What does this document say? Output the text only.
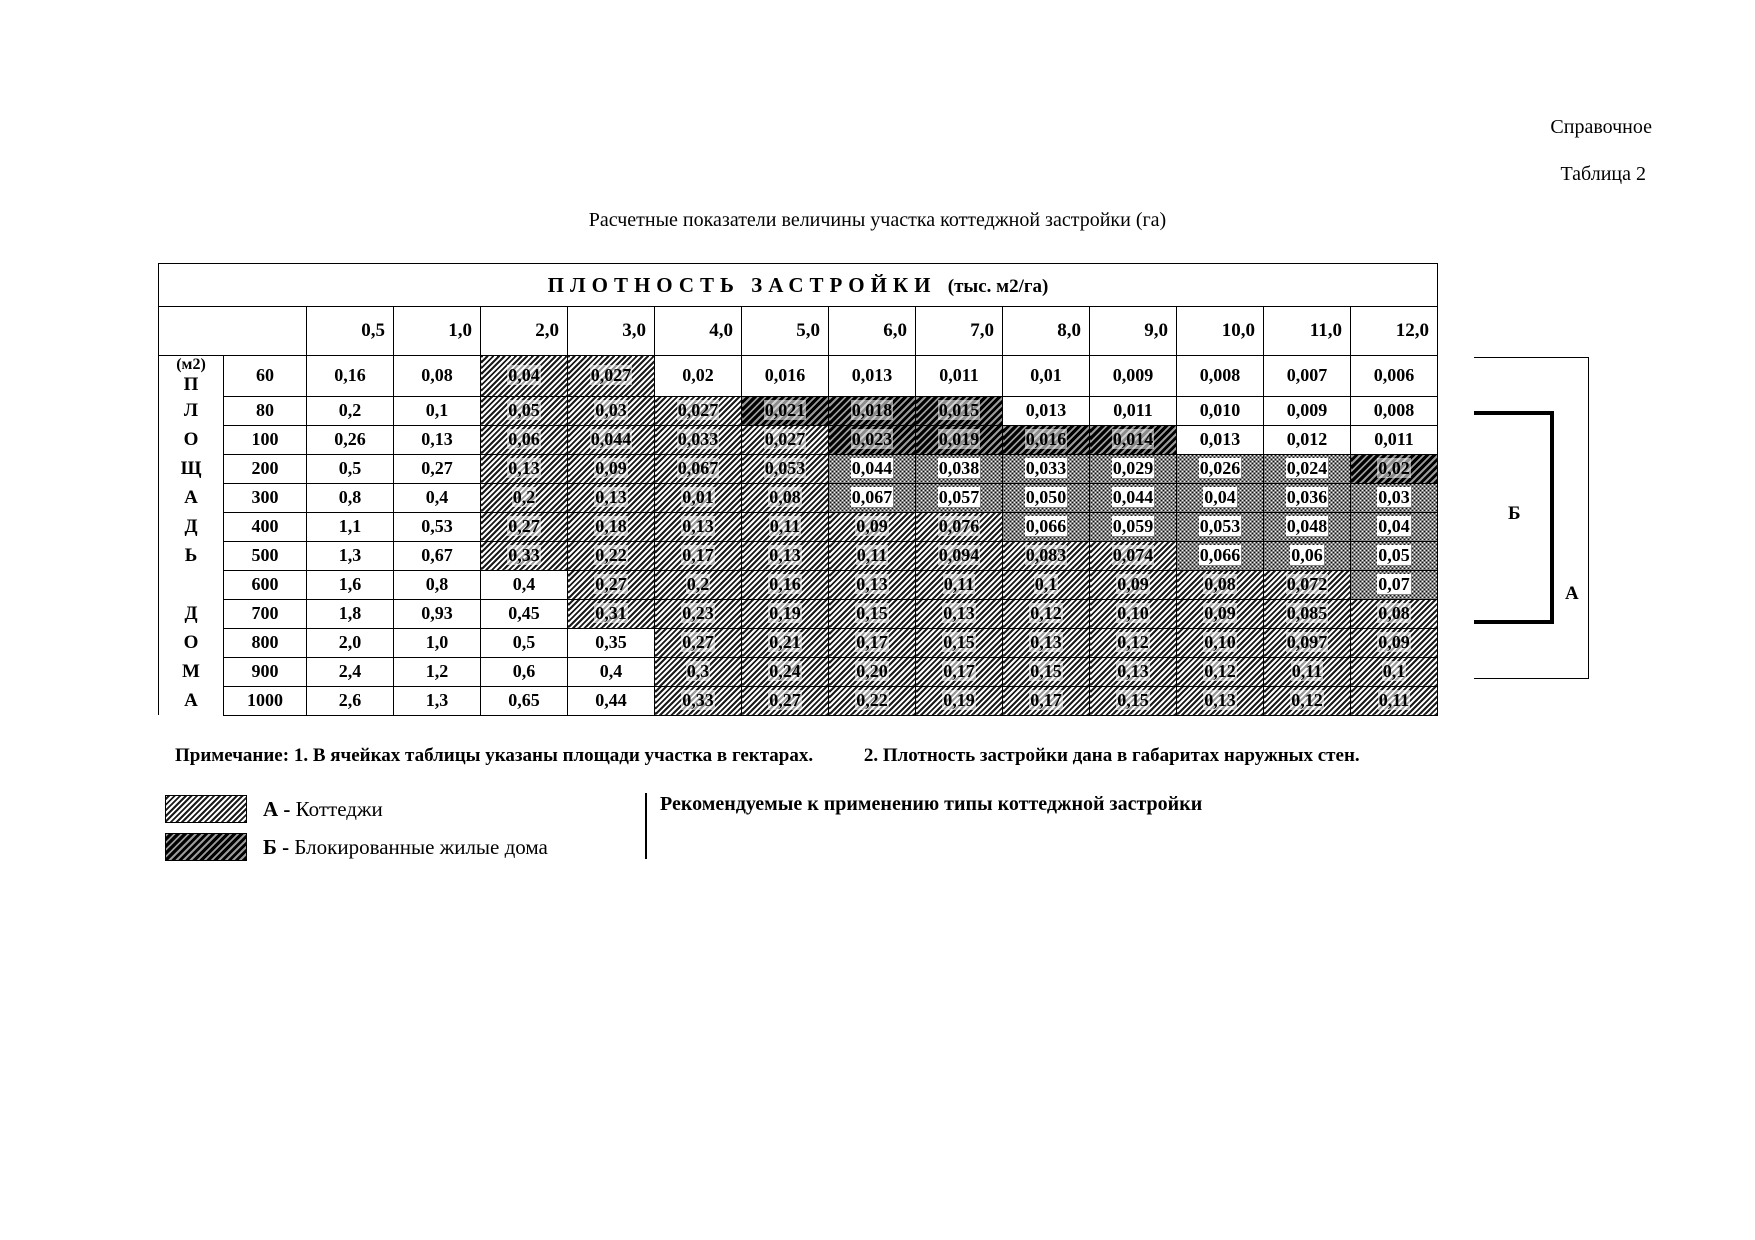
Справочное
Таблица 2
Расчетные показатели величины участка коттеджной застройки (га)
ПЛОТНОСТЬ ЗАСТРОЙКИ (тыс. м2/га)														
		0,5	1,0	2,0	3,0	4,0	5,0	6,0	7,0	8,0	9,0	10,0	11,0	12,0

(м2)
П	60	0,16	0,08	0,04	0,027	0,02	0,016	0,013	0,011	0,01	0,009	0,008	0,007	0,006
Л	80	0,2	0,1	0,05	0,03	0,027	0,021	0,018	0,015	0,013	0,011	0,010	0,009	0,008
О	100	0,26	0,13	0,06	0,044	0,033	0,027	0,023	0,019	0,016	0,014	0,013	0,012	0,011
Щ	200	0,5	0,27	0,13	0,09	0,067	0,053	0,044	0,038	0,033	0,029	0,026	0,024	0,02
А	300	0,8	0,4	0,2	0,13	0,01	0,08	0,067	0,057	0,050	0,044	0,04	0,036	0,03
Д	400	1,1	0,53	0,27	0,18	0,13	0,11	0,09	0,076	0,066	0,059	0,053	0,048	0,04
Ь	500	1,3	0,67	0,33	0,22	0,17	0,13	0,11	0,094	0,083	0,074	0,066	0,06	0,05
	600	1,6	0,8	0,4	0,27	0,2	0,16	0,13	0,11	0,1	0,09	0,08	0,072	0,07
Д	700	1,8	0,93	0,45	0,31	0,23	0,19	0,15	0,13	0,12	0,10	0,09	0,085	0,08
О	800	2,0	1,0	0,5	0,35	0,27	0,21	0,17	0,15	0,13	0,12	0,10	0,097	0,09
М	900	2,4	1,2	0,6	0,4	0,3	0,24	0,20	0,17	0,15	0,13	0,12	0,11	0,1
А	1000	2,6	1,3	0,65	0,44	0,33	0,27	0,22	0,19	0,17	0,15	0,13	0,12	0,11
Б
А
Примечание: 1. В ячейках таблицы указаны площади участка в гектарах.	2. Плотность застройки дана в габаритах наружных стен.
А -
Коттеджи
Б -
Блокированные жилые дома
Рекомендуемые к применению типы коттеджной застройки
